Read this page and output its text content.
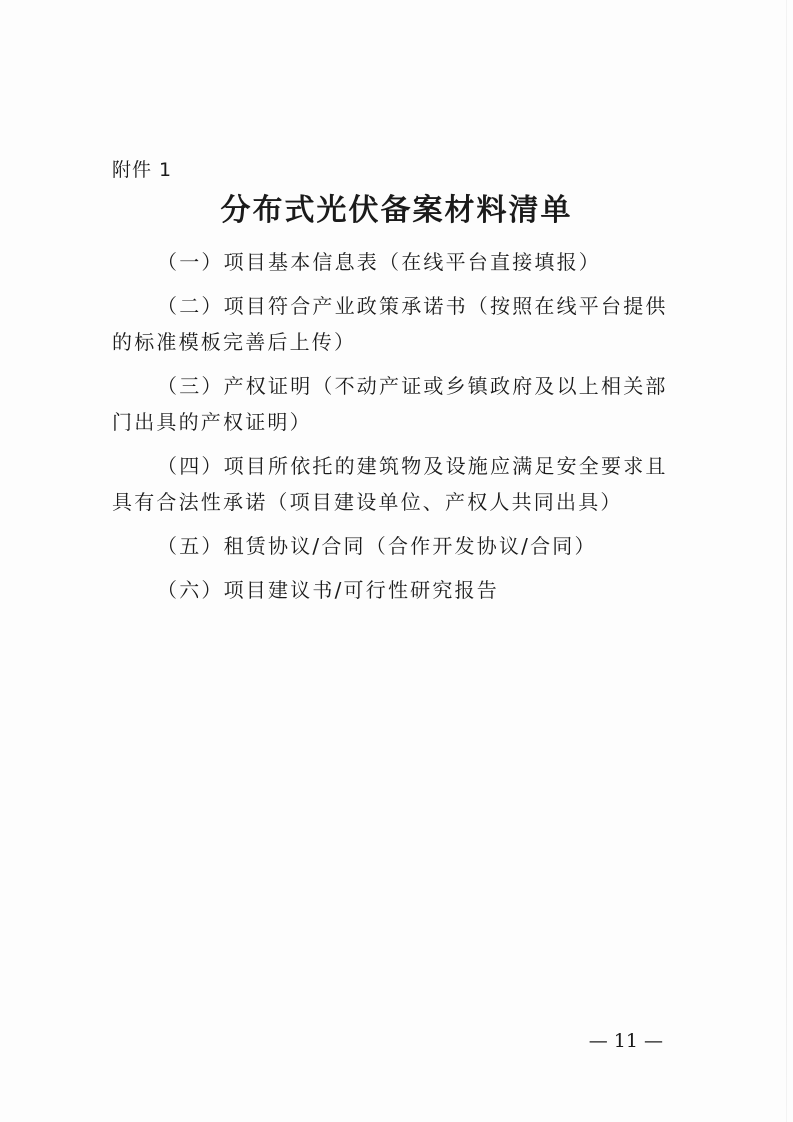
附件 1
分布式光伏备案材料清单

（一）项目基本信息表（在线平台直接填报）

（二）项目符合产业政策承诺书（按照在线平台提供的标准模板完善后上传）

（三）产权证明（不动产证或乡镇政府及以上相关部门出具的产权证明）

（四）项目所依托的建筑物及设施应满足安全要求且具有合法性承诺（项目建设单位、产权人共同出具）

（五）租赁协议/合同（合作开发协议/合同）

（六）项目建议书/可行性研究报告

— 11 —
